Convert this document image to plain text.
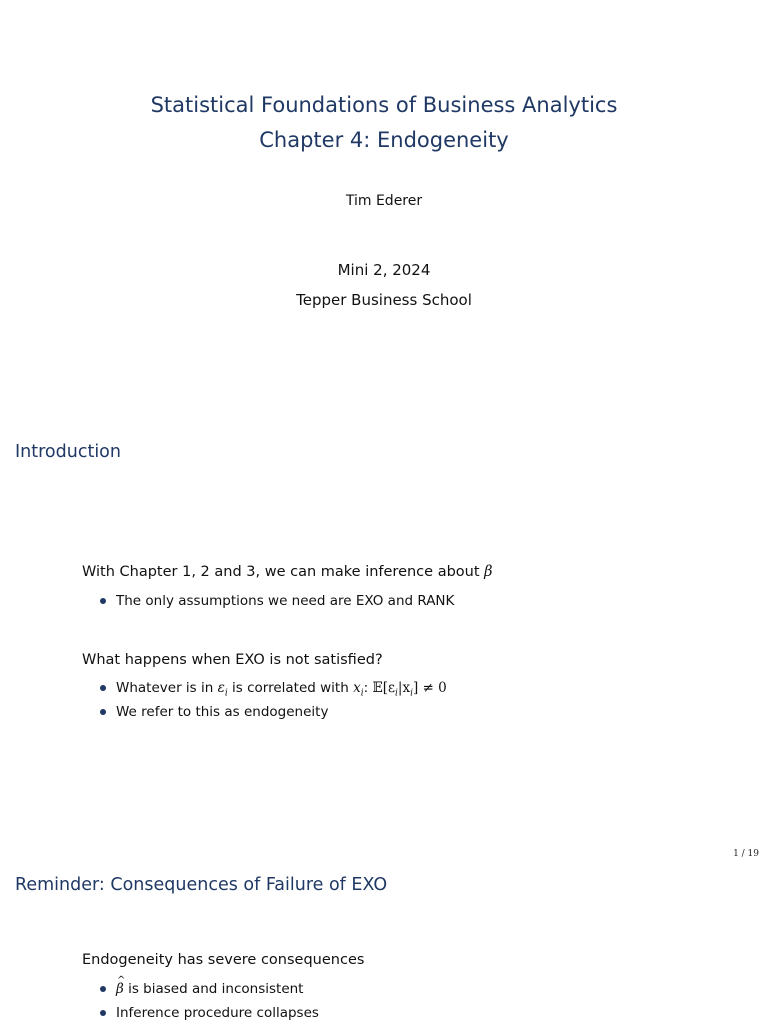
Statistical Foundations of Business Analytics
Chapter 4: Endogeneity
Tim Ederer
Mini 2, 2024
Tepper Business School
Introduction
With Chapter 1, 2 and 3, we can make inference about β
The only assumptions we need are EXO and RANK
What happens when EXO is not satisfied?
Whatever is in $\varepsilon_i$ is correlated with $x_i$: $𝔼[\varepsilon_i|x_i] \ne 0$
We refer to this as endogeneity
1 / 19
Reminder: Consequences of Failure of EXO
Endogeneity has severe consequences
^ β is biased and inconsistent
Inference procedure collapses
